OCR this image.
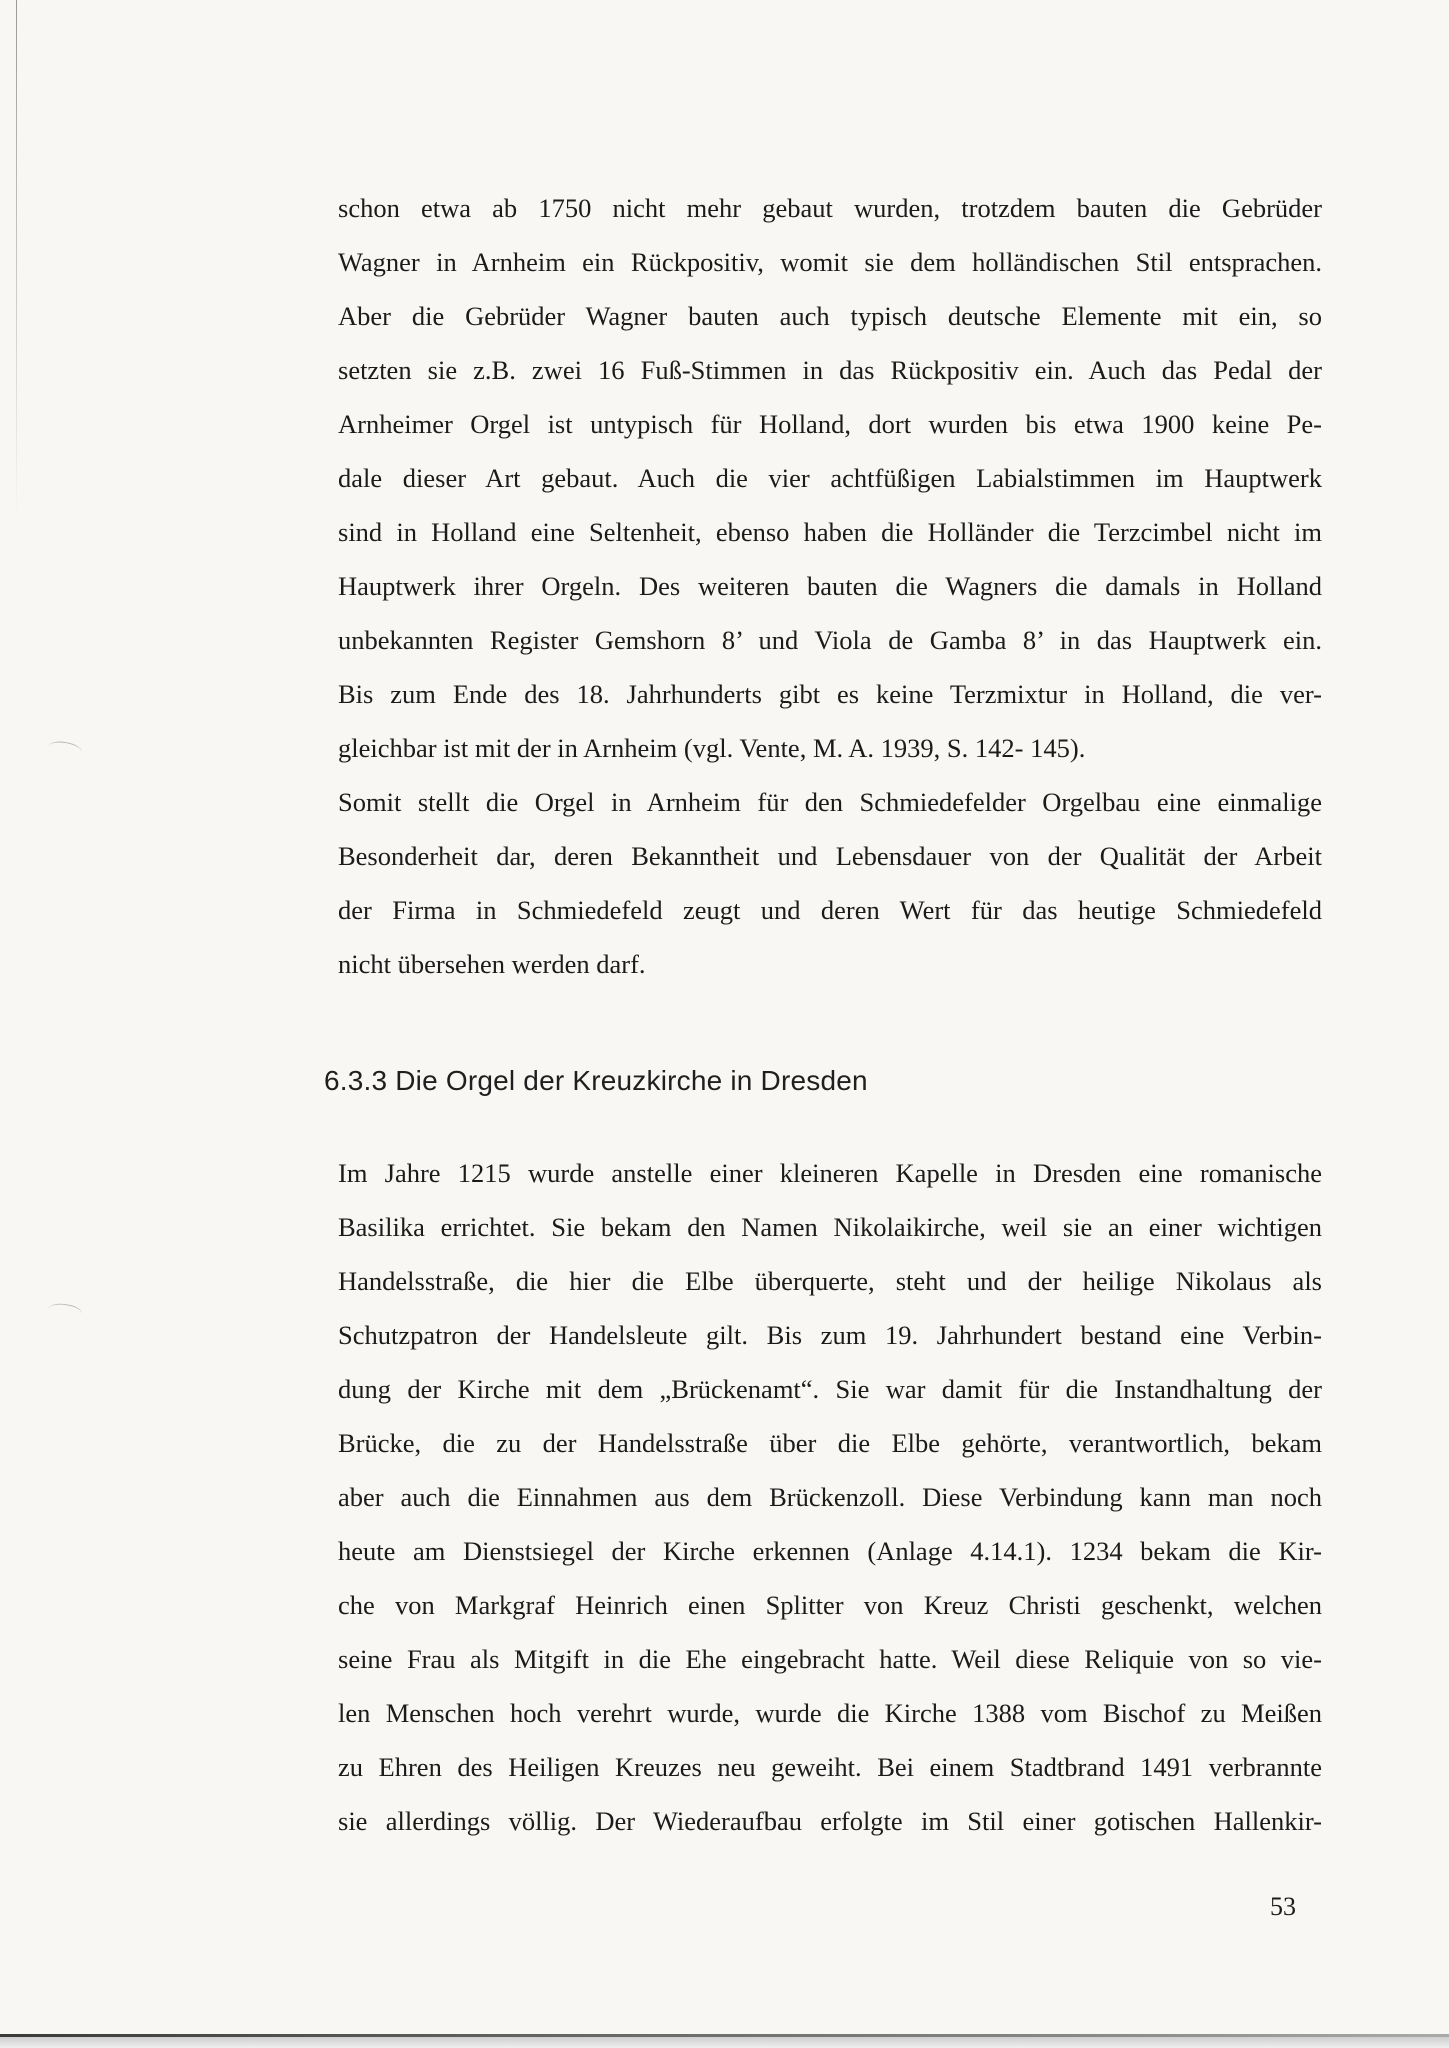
schon etwa ab 1750 nicht mehr gebaut wurden, trotzdem bauten die Gebrüder
Wagner in Arnheim ein Rückpositiv, womit sie dem holländischen Stil entsprachen.
Aber die Gebrüder Wagner bauten auch typisch deutsche Elemente mit ein, so
setzten sie z.B. zwei 16 Fuß-Stimmen in das Rückpositiv ein. Auch das Pedal der
Arnheimer Orgel ist untypisch für Holland, dort wurden bis etwa 1900 keine Pe-
dale dieser Art gebaut. Auch die vier achtfüßigen Labialstimmen im Hauptwerk
sind in Holland eine Seltenheit, ebenso haben die Holländer die Terzcimbel nicht im
Hauptwerk ihrer Orgeln. Des weiteren bauten die Wagners die damals in Holland
unbekannten Register Gemshorn 8’ und Viola de Gamba 8’ in das Hauptwerk ein.
Bis zum Ende des 18. Jahrhunderts gibt es keine Terzmixtur in Holland, die ver-
gleichbar ist mit der in Arnheim (vgl. Vente, M. A. 1939, S. 142- 145).
Somit stellt die Orgel in Arnheim für den Schmiedefelder Orgelbau eine einmalige
Besonderheit dar, deren Bekanntheit und Lebensdauer von der Qualität der Arbeit
der Firma in Schmiedefeld zeugt und deren Wert für das heutige Schmiedefeld
nicht übersehen werden darf.
6.3.3 Die Orgel der Kreuzkirche in Dresden
Im Jahre 1215 wurde anstelle einer kleineren Kapelle in Dresden eine romanische
Basilika errichtet. Sie bekam den Namen Nikolaikirche, weil sie an einer wichtigen
Handelsstraße, die hier die Elbe überquerte, steht und der heilige Nikolaus als
Schutzpatron der Handelsleute gilt. Bis zum 19. Jahrhundert bestand eine Verbin-
dung der Kirche mit dem „Brückenamt“. Sie war damit für die Instandhaltung der
Brücke, die zu der Handelsstraße über die Elbe gehörte, verantwortlich, bekam
aber auch die Einnahmen aus dem Brückenzoll. Diese Verbindung kann man noch
heute am Dienstsiegel der Kirche erkennen (Anlage 4.14.1). 1234 bekam die Kir-
che von Markgraf Heinrich einen Splitter von Kreuz Christi geschenkt, welchen
seine Frau als Mitgift in die Ehe eingebracht hatte. Weil diese Reliquie von so vie-
len Menschen hoch verehrt wurde, wurde die Kirche 1388 vom Bischof zu Meißen
zu Ehren des Heiligen Kreuzes neu geweiht. Bei einem Stadtbrand 1491 verbrannte
sie allerdings völlig. Der Wiederaufbau erfolgte im Stil einer gotischen Hallenkir-
53
